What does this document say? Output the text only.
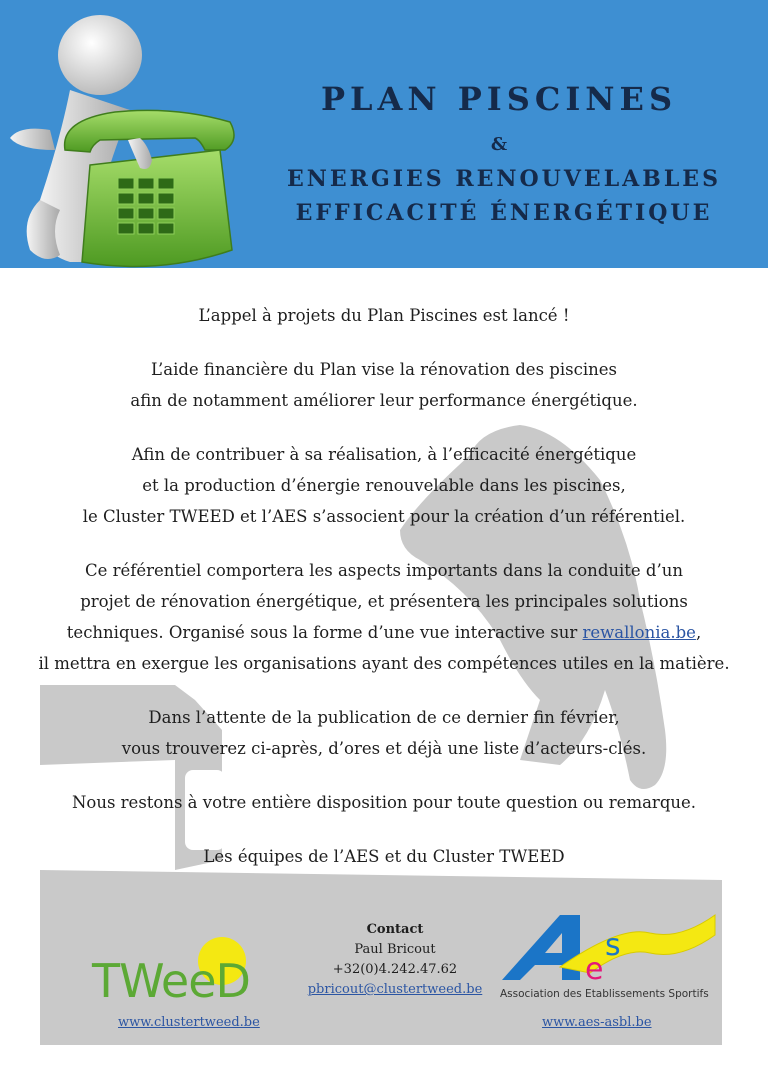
PLAN PISCINES
&
ENERGIES RENOUVELABLES
EFFICACITÉ ÉNERGÉTIQUE

L’appel à projets du Plan Piscines est lancé !

L’aide financière du Plan vise la rénovation des piscines
afin de notamment améliorer leur performance énergétique.

Afin de contribuer à sa réalisation, à l’efficacité énergétique
et la production d’énergie renouvelable dans les piscines,
le Cluster TWEED et l’AES s’associent pour la création d’un référentiel.

Ce référentiel comportera les aspects importants dans la conduite d’un
projet de rénovation énergétique, et présentera les principales solutions
techniques. Organisé sous la forme d’une vue interactive sur rewallonia.be,
il mettra en exergue les organisations ayant des compétences utiles en la matière.

Dans l’attente de la publication de ce dernier fin février,
vous trouverez ci-après, d’ores et déjà une liste d’acteurs-clés.

Nous restons à votre entière disposition pour toute question ou remarque.

Les équipes de l’AES et du Cluster TWEED

TWeeD
Contact
Paul Bricout
+32(0)4.242.47.62
pbricout@clustertweed.be
e
s
Association des Etablissements Sportifs
www.clustertweed.be	www.aes-asbl.be
